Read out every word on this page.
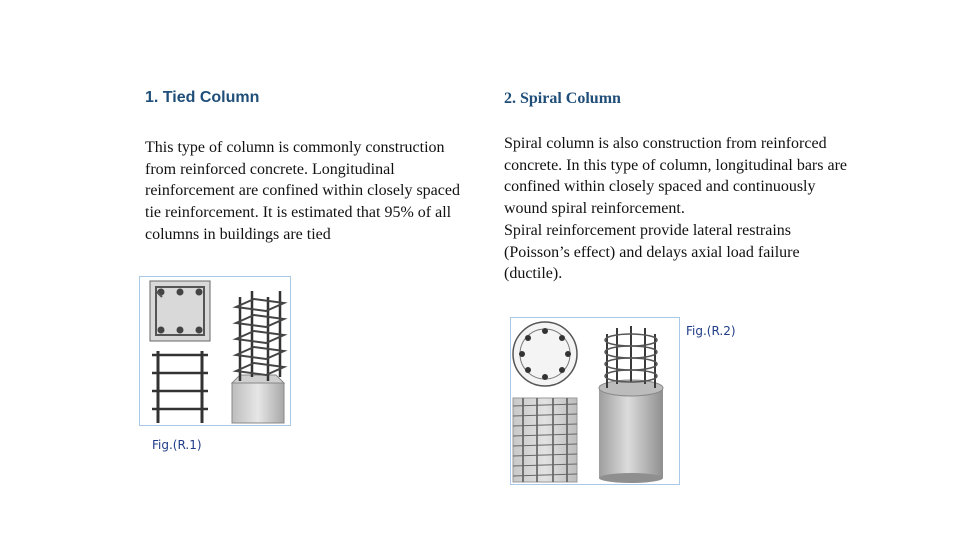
1. Tied Column	2. Spiral Column

This type of column is commonly construction from reinforced concrete. Longitudinal reinforcement are confined within closely spaced tie reinforcement. It is estimated that 95% of all columns in buildings are tied

Spiral column is also construction from reinforced concrete. In this type of column, longitudinal bars are confined within closely spaced and continuously wound spiral reinforcement.
Spiral reinforcement provide lateral restrains (Poisson’s effect) and delays axial load failure (ductile).
Fig.(R.1)
Fig.(R.2)
